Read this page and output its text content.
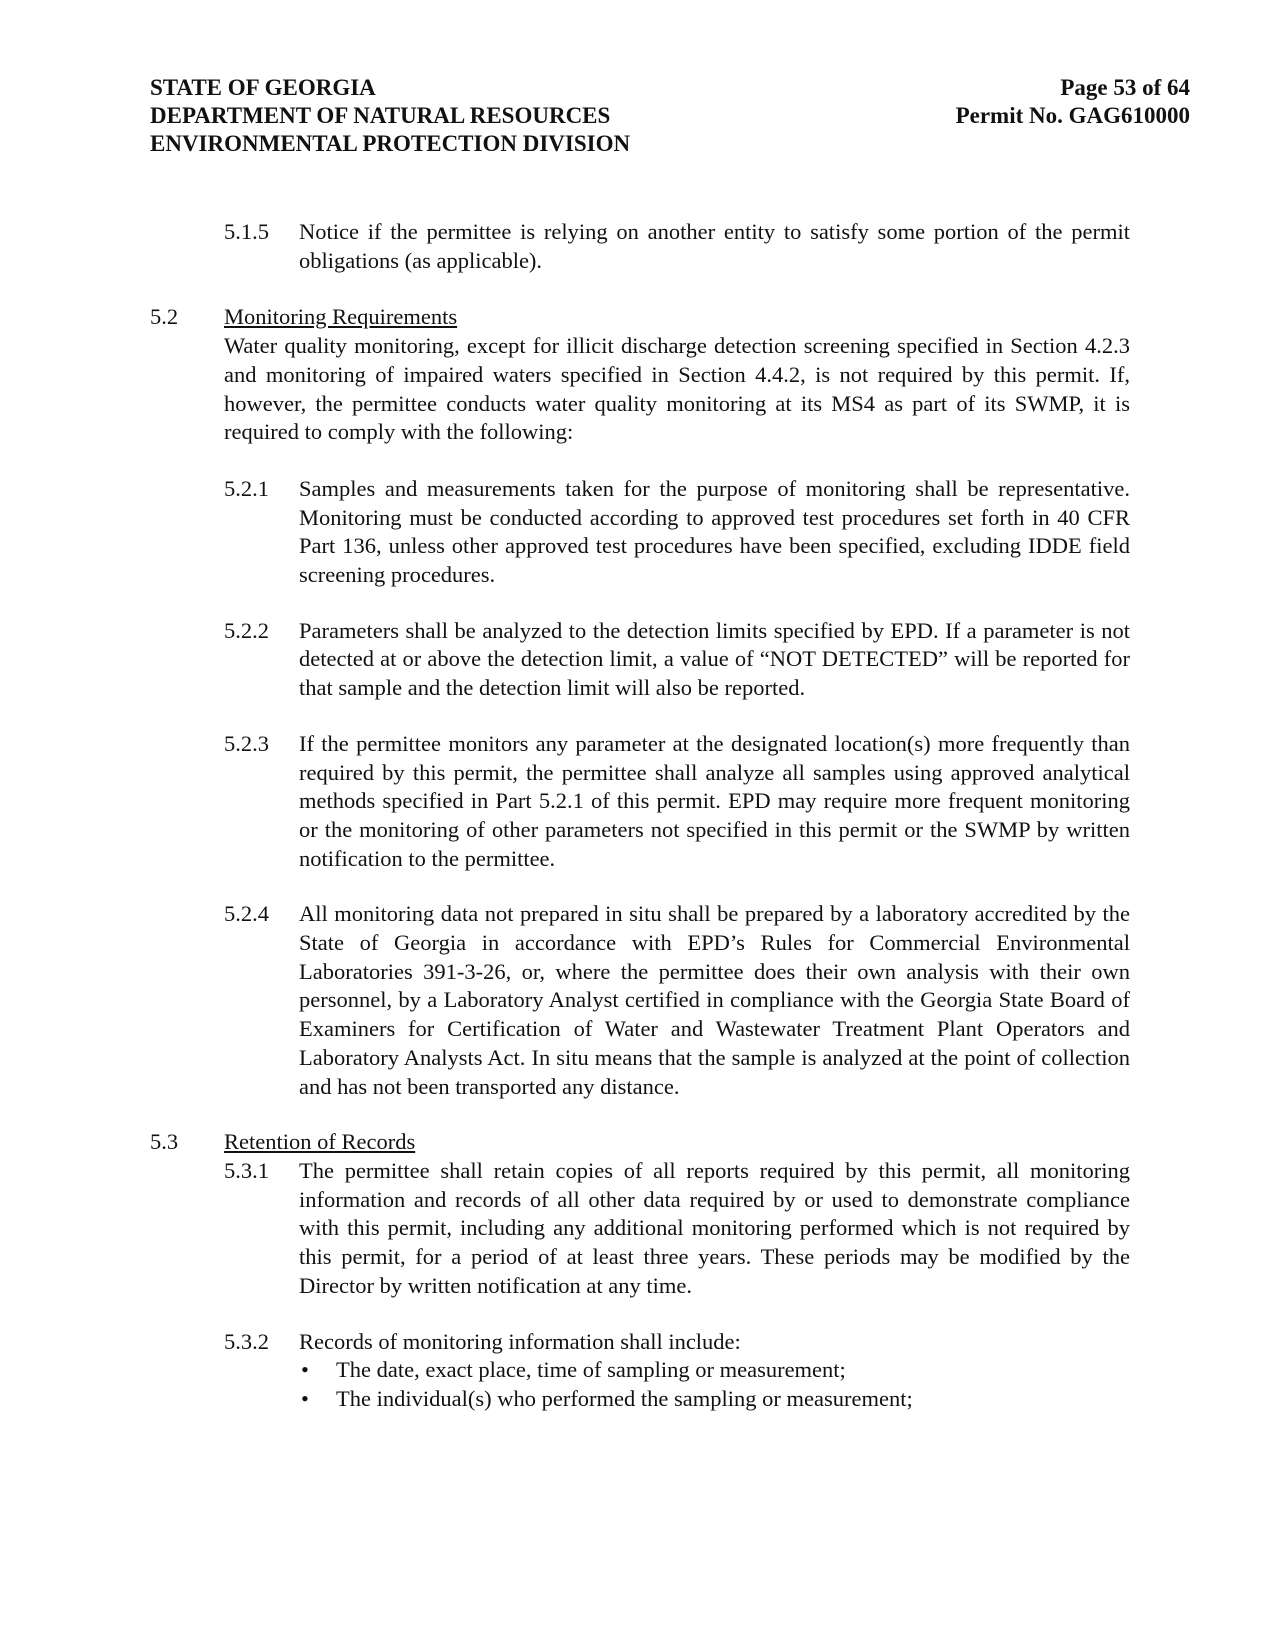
STATE OF GEORGIA
DEPARTMENT OF NATURAL RESOURCES
ENVIRONMENTAL PROTECTION DIVISION
Page 53 of 64
Permit No. GAG610000
5.1.5 Notice if the permittee is relying on another entity to satisfy some portion of the permit obligations (as applicable).
5.2 Monitoring Requirements
Water quality monitoring, except for illicit discharge detection screening specified in Section 4.2.3 and monitoring of impaired waters specified in Section 4.4.2, is not required by this permit. If, however, the permittee conducts water quality monitoring at its MS4 as part of its SWMP, it is required to comply with the following:
5.2.1 Samples and measurements taken for the purpose of monitoring shall be representative. Monitoring must be conducted according to approved test procedures set forth in 40 CFR Part 136, unless other approved test procedures have been specified, excluding IDDE field screening procedures.
5.2.2 Parameters shall be analyzed to the detection limits specified by EPD. If a parameter is not detected at or above the detection limit, a value of “NOT DETECTED” will be reported for that sample and the detection limit will also be reported.
5.2.3 If the permittee monitors any parameter at the designated location(s) more frequently than required by this permit, the permittee shall analyze all samples using approved analytical methods specified in Part 5.2.1 of this permit. EPD may require more frequent monitoring or the monitoring of other parameters not specified in this permit or the SWMP by written notification to the permittee.
5.2.4 All monitoring data not prepared in situ shall be prepared by a laboratory accredited by the State of Georgia in accordance with EPD’s Rules for Commercial Environmental Laboratories 391-3-26, or, where the permittee does their own analysis with their own personnel, by a Laboratory Analyst certified in compliance with the Georgia State Board of Examiners for Certification of Water and Wastewater Treatment Plant Operators and Laboratory Analysts Act. In situ means that the sample is analyzed at the point of collection and has not been transported any distance.
5.3 Retention of Records
5.3.1 The permittee shall retain copies of all reports required by this permit, all monitoring information and records of all other data required by or used to demonstrate compliance with this permit, including any additional monitoring performed which is not required by this permit, for a period of at least three years. These periods may be modified by the Director by written notification at any time.
5.3.2 Records of monitoring information shall include:
• The date, exact place, time of sampling or measurement;
• The individual(s) who performed the sampling or measurement;
